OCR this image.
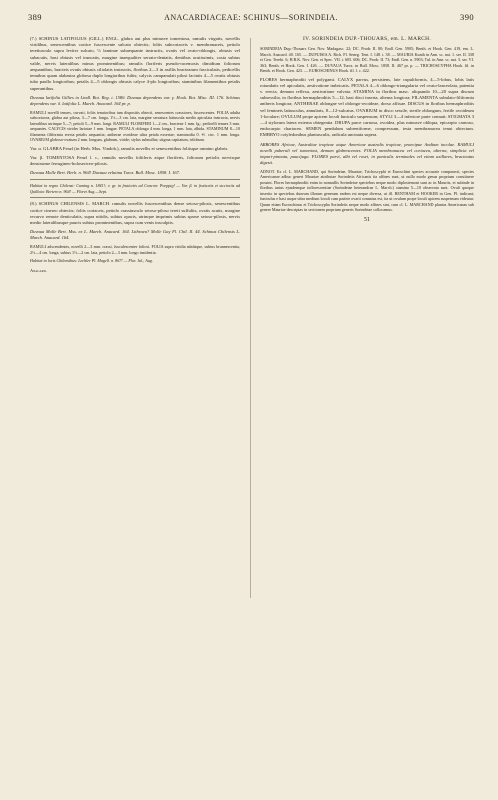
389	ANACARDIACEAE: SCHINUS—SORINDEIA.	390

(7.) SCHINUS LATIFOLIUS (GILL.) ENGL. glabra aut plus minusve tomentosa, ramulis virgatis, novellis viridibus, senescentibus cortice fuscescente sulcato obtectis; foliis subcoriaceis v. membranaceis, petiolo teretiusculo supra leviter sulcato, ⅓ laminae subaequante instructis, ovatis vel ovato-oblongis, obtusis vel subacutis, basi obtusis vel truncatis, margine inaequaliter serrato-dentatis, dentibus acutissimis, costa subtus valde, nervis lateralibus minus prominentibus; ramulis floriferis pseudo-racemosis dimidium foliorum aequantibus, bracteis ovatis obtusis ciliolatis instructis, floribus 2—3 in axillis bractearum fasciculatis, pedicellis tenuibus quam alabastra globosa duplo longioribus fultis; calycis campanulati pilosi laciniis 4—5 ovatis obtusis tubo paullo longioribus; petalis 4—5 oblongis obtusis calyce 4-plo longioribus; staminibus filamentibus petalis superantibus.

Duvaua latifolia Gillies in Lindl. Bot. Reg. t. 1580. Duvaua dependens var. γ. Hook. Bot. Misc. III. 176. Schinus dependens var. δ. latifolia L. March. Anacard. 164 pr. p.

RAMULI novelli tenues, curvati, foliis tenuioribus iam dispositis obtecti, senescentes crassiores, fuscescentes. FOLIA adulta subcoriacea, glabra aut pilosa, 3—7 cm. longa, 1½—3 cm. lata, margine serratura latiuscula medio apiculata instructa, nervis lateralibus utrinque 5—7; petioli 5—9 mm. longi. RAMULI FLORIFERI 1—2 cm., bracteae 1 mm. lg.; pedicelli tenues 3 mm. aequantes. CALYCIS virides laciniae 1 mm. longae. PETALA oblonga 4 mm. longa, 1 mm. lata, albida. STAMINUM 8—10 filamenta filiformia erecta petalis aequantia; antherae ovoideae ultra petala exsertae; staminodia 0. ⅘ circ. 1 mm. longa. OVARIUM globoso-ovatum 2 mm. longum, glabrum, viride; stylus subnullus; stigma capitatum, trilobum.

Var. α. GLABRA Fenzl (in Herb. Mus. Vindob.), ramulis novellis et senescentibus foliisque omnino glabris.

Var. β. TOMENTOSA Fenzl l. c., ramulis novellis foliiferis atque floriferis, foliorum petiolis nervisque densissime ferrugineo-holosericeo-pilosis.

Duvaua Molle Bert. Herb. n. 964! Duvaua velutina Turcz. Bull. Mosc. 1858. I. 167.

Habitat in regno Chilensi: Cuming n. 1841!; v. gr. in fruticetis ad Concon: Poeppig! — Var. β. in fruticetis et siccioriis ad Quillota: Bertero n. 964! — Floret Aug.—Sept.

(8.) SCHINUS CHILENSIS L. MARCH. ramulis novellis fuscescentibus dense setoso-pilosis, senescentibus cortice cinereo obtectis; foliis coriaceis, petiolo crassiusculo setoso-piloso tereti suffultis, ovatis acutis, margine recurvo remote denticulatis, supra nitidis, subtus opacis, utrinque imprimis subtus sparse setoso-pilosis, nervis medio lateralibusque paucis subtus prominentibus, supra cum venis insculptis.

Duvaua Molle Bert. Mss. ex L. March. Anacard. 164. Lithraea? Molle Gay Fl. Chil. II. 44. Schinus Chilensis L. March. Anacard. 164.

RAMULI adscendentes, novelli 2—3 mm. crassi, fusculescenter foliosi. FOLIA supra viridia nitidaque, subtus brunnescentia, 2½—4 cm. longa, subtus 1½—2 cm. lata, petiolo 2—3 mm. longo insidentia.

Habitat in locis Chilensibus: Lechler Pl. Magell. n. 867! — Flor. Jul., Aug.

Anacard.
IV. SORINDEIA DUP.-THOUARS, em. L. MARCH.

SORINDEIA Dup.-Thouars Gen. Nov. Madagasc. 22; DC. Prodr. II. 80; Endl. Gen. 5905; Benth. et Hook. Gen. 419, em. L. March. Anacard. 40. 165. — DUPUISIA A. Rich. Fl. Seneg. Tent. I. 148. t. 38. — MAURIA Kunth in Ann. sc. nat. 1. ser. II. 338 et Gen. Terebi. 6; H.B.K. Nov. Gen. et Spec. VII. t. 605. 606; DC. Prodr. II. 73; Endl. Gen. n. 5903; Tul. in Ann. sc. nat. 3. ser. VI. 363; Benth. et Hook. Gen. I. 426. — DUVAUA Turcz. in Bull. Mosc. 1858. II. 467 pr. p. — TRICHOSCYPHA Hook. fil. in Benth. et Hook. Gen. 423. — EUROSCHINUS Hook. fil. l. c. 422.

FLORES hermaphroditi vel polygami. CALYX parvus, persistens, late cupuliformis, 4—5-lobus, lobis latis rotundatis vel apiculatis, aestivatione imbricatis. PETALA 4—6 oblongo-triangularia vel ovato-lanceolata, patentia v. erecta, demum reflexa, aestivatione valvata. STAMINA in floribus masc. aliquando 10—20 supra discum subsessilia, in floribus hermaphroditis 5—12, basi disci inserta, alterna longiora; FILAMENTA subulato-filiformia antheris longiora; ANTHERAE oblongae vel oblongo-ovoideae, dorso affixae. DISCUS in floribus hermaphroditis vel femineis latiusculus, annularis, 8—12-sulcatus. OVARIUM in disco sessile, sterile oblongum, fertile ovoideum 1-loculare; OVULUM prope apicem loculi funiculo suspensum; STYLI 3—4 inferiore parte connati; STIGMATA 3—4 stylorum latera externa obtegentia. DRUPA parce carnosa, ovoidea, plus minusve obliqua, epicarpio carnoso, endocarpio chartaceo. SEMEN pendulum subreniforme, compressum, testa membranacea tenui obtectum. EMBRYO cotyledonibus planiusculis, radicula uncinata supera.

ARBORES Africae, Australiae tropicae atque Americae australis tropicae, praecipue Andium incolae. RAMULI novelli puberuli vel tomentosi, demum glabrescentes. FOLIA membranacea vel coriacea, alterna, simplicia vel impari-pinnata, paucijuga. FLORES parvi, albi vel rosei, in paniculis terminales vel etiam axillares, bracteatas digesti.

ADNOT. Ex cl. L. MARCHAND, qui Sorindeiae, Mauriae, Trichoscyphi et Euroschini species accurate comparavit, species Americanae adhuc generi Mauriae attributae Sorindeiis Africanis ita affines sunt, ut nullo modo genus proprium constituere possint. Flores hermaphroditi enim in nonnullis Sorindeiae speciebus neque modo diplostemoni sunt ac in Mauriis, et subinde in floribus unius ejusdemque inflorescentiae (Sorindeiae heterandrae L. March.) stamina 5—10 observata sunt. Ovuli quoque insertio in speciebus duorum illorum generum eadem est neque diversa, ut ill. BENTHAM et HOOKER in Gen. Pl. indicant; funiculus e basi usque ultra medium loculi cum pariete ovarii connatus est, ita ut ovulum prope loculi apicem suspensum videatur. Quum etiam Euroschinus et Trichoscypha Sorindeiis neque modo affines sint, cum cl. L. MARCHAND plantas Americanas sub genere Mauriae descriptas in sectionem propriam generis Sorindeiae collocamus.

51
